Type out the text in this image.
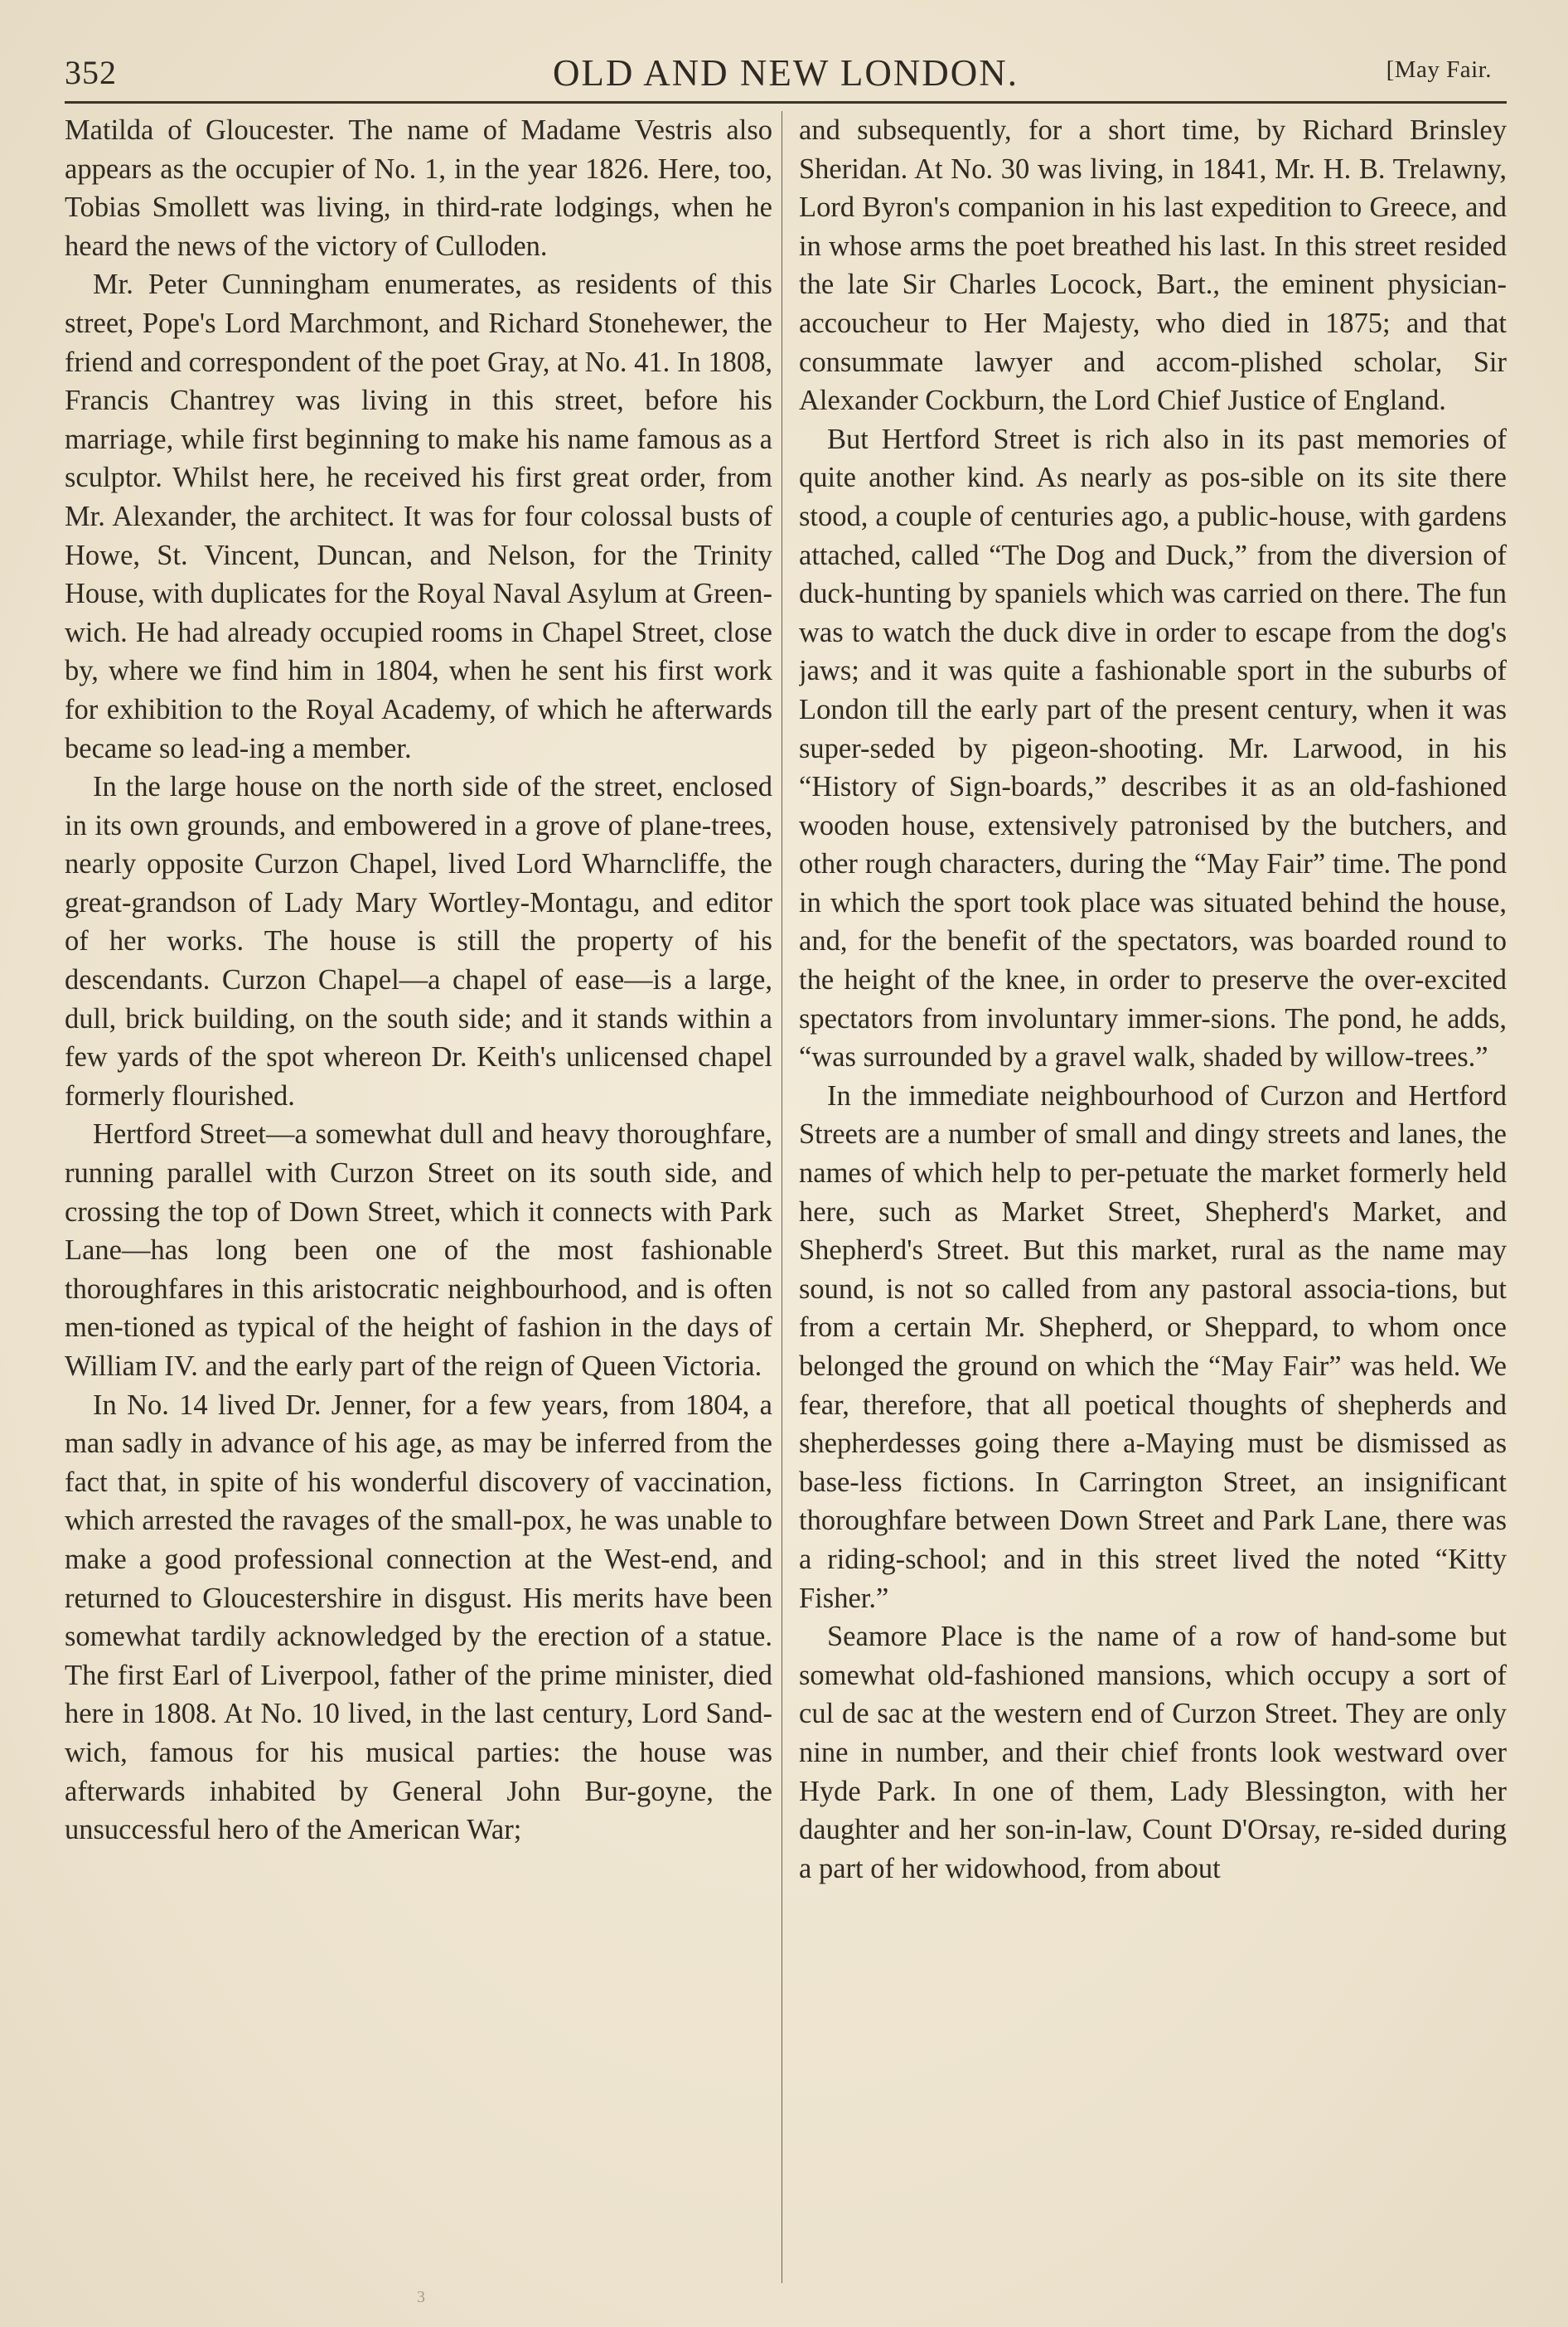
352	OLD AND NEW LONDON.	[May Fair.

Matilda of Gloucester. The name of Madame Vestris also appears as the occupier of No. 1, in the year 1826. Here, too, Tobias Smollett was living, in third-rate lodgings, when he heard the news of the victory of Culloden.

Mr. Peter Cunningham enumerates, as residents of this street, Pope's Lord Marchmont, and Richard Stonehewer, the friend and correspondent of the poet Gray, at No. 41. In 1808, Francis Chantrey was living in this street, before his marriage, while first beginning to make his name famous as a sculptor. Whilst here, he received his first great order, from Mr. Alexander, the architect. It was for four colossal busts of Howe, St. Vincent, Duncan, and Nelson, for the Trinity House, with duplicates for the Royal Naval Asylum at Green-wich. He had already occupied rooms in Chapel Street, close by, where we find him in 1804, when he sent his first work for exhibition to the Royal Academy, of which he afterwards became so lead-ing a member.

In the large house on the north side of the street, enclosed in its own grounds, and embowered in a grove of plane-trees, nearly opposite Curzon Chapel, lived Lord Wharncliffe, the great-grandson of Lady Mary Wortley-Montagu, and editor of her works. The house is still the property of his descendants. Curzon Chapel—a chapel of ease—is a large, dull, brick building, on the south side; and it stands within a few yards of the spot whereon Dr. Keith's unlicensed chapel formerly flourished.

Hertford Street—a somewhat dull and heavy thoroughfare, running parallel with Curzon Street on its south side, and crossing the top of Down Street, which it connects with Park Lane—has long been one of the most fashionable thoroughfares in this aristocratic neighbourhood, and is often men-tioned as typical of the height of fashion in the days of William IV. and the early part of the reign of Queen Victoria.

In No. 14 lived Dr. Jenner, for a few years, from 1804, a man sadly in advance of his age, as may be inferred from the fact that, in spite of his wonderful discovery of vaccination, which arrested the ravages of the small-pox, he was unable to make a good professional connection at the West-end, and returned to Gloucestershire in disgust. His merits have been somewhat tardily acknowledged by the erection of a statue. The first Earl of Liverpool, father of the prime minister, died here in 1808. At No. 10 lived, in the last century, Lord Sand-wich, famous for his musical parties: the house was afterwards inhabited by General John Bur-goyne, the unsuccessful hero of the American War;

and subsequently, for a short time, by Richard Brinsley Sheridan. At No. 30 was living, in 1841, Mr. H. B. Trelawny, Lord Byron's companion in his last expedition to Greece, and in whose arms the poet breathed his last. In this street resided the late Sir Charles Locock, Bart., the eminent physician-accoucheur to Her Majesty, who died in 1875; and that consummate lawyer and accom-plished scholar, Sir Alexander Cockburn, the Lord Chief Justice of England.

But Hertford Street is rich also in its past memories of quite another kind. As nearly as pos-sible on its site there stood, a couple of centuries ago, a public-house, with gardens attached, called “The Dog and Duck,” from the diversion of duck-hunting by spaniels which was carried on there. The fun was to watch the duck dive in order to escape from the dog's jaws; and it was quite a fashionable sport in the suburbs of London till the early part of the present century, when it was super-seded by pigeon-shooting. Mr. Larwood, in his “History of Sign-boards,” describes it as an old-fashioned wooden house, extensively patronised by the butchers, and other rough characters, during the “May Fair” time. The pond in which the sport took place was situated behind the house, and, for the benefit of the spectators, was boarded round to the height of the knee, in order to preserve the over-excited spectators from involuntary immer-sions. The pond, he adds, “was surrounded by a gravel walk, shaded by willow-trees.”

In the immediate neighbourhood of Curzon and Hertford Streets are a number of small and dingy streets and lanes, the names of which help to per-petuate the market formerly held here, such as Market Street, Shepherd's Market, and Shepherd's Street. But this market, rural as the name may sound, is not so called from any pastoral associa-tions, but from a certain Mr. Shepherd, or Sheppard, to whom once belonged the ground on which the “May Fair” was held. We fear, therefore, that all poetical thoughts of shepherds and shepherdesses going there a-Maying must be dismissed as base-less fictions. In Carrington Street, an insignificant thoroughfare between Down Street and Park Lane, there was a riding-school; and in this street lived the noted “Kitty Fisher.”

Seamore Place is the name of a row of hand-some but somewhat old-fashioned mansions, which occupy a sort of cul de sac at the western end of Curzon Street. They are only nine in number, and their chief fronts look westward over Hyde Park. In one of them, Lady Blessington, with her daughter and her son-in-law, Count D'Orsay, re-sided during a part of her widowhood, from about

3
